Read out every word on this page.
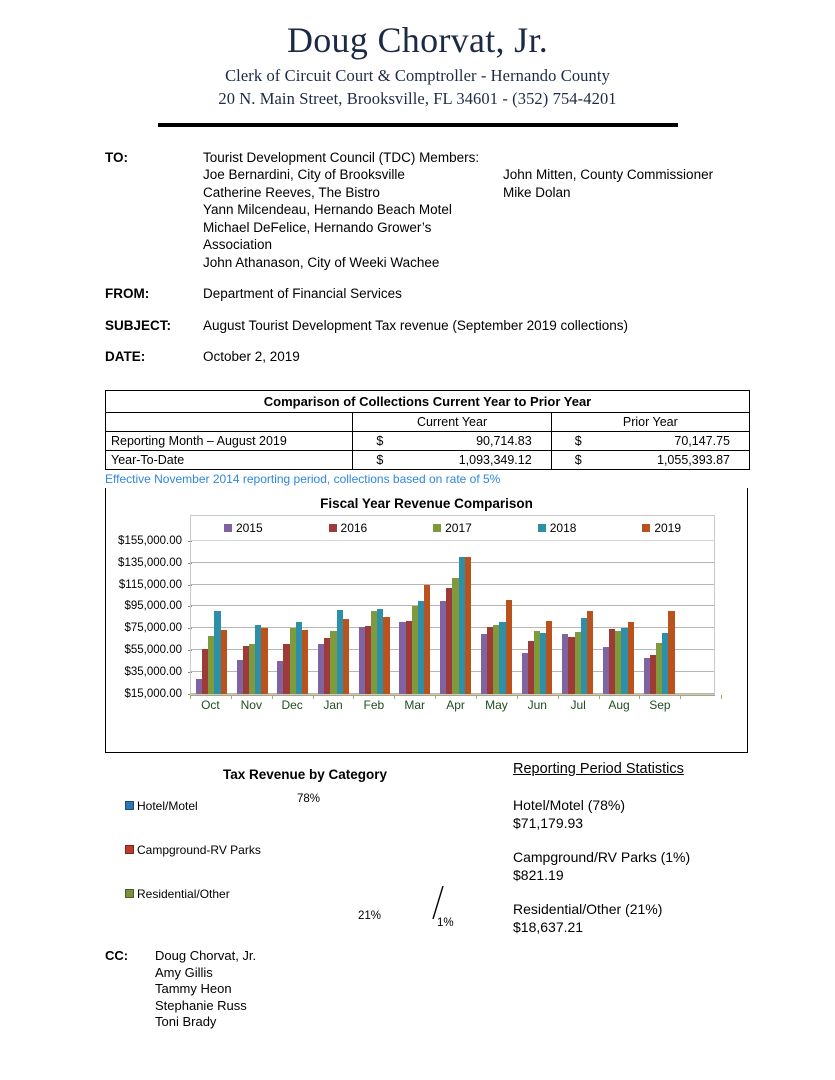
Doug Chorvat, Jr.
Clerk of Circuit Court & Comptroller - Hernando County
20 N. Main Street, Brooksville, FL 34601 - (352) 754-4201
TO:	Tourist Development Council (TDC) Members:
Joe Bernardini, City of Brooksville
Catherine Reeves, The Bistro
Yann Milcendeau, Hernando Beach Motel
Michael DeFelice, Hernando Grower’s Association
John Athanason, City of Weeki Wachee
John Mitten, County Commissioner
Mike Dolan
FROM:	Department of Financial Services
SUBJECT:	August Tourist Development Tax revenue (September 2019 collections)
DATE:	October 2, 2019
Comparison of Collections Current Year to Prior Year		
	Current Year	Prior Year
Reporting Month – August 2019	$ 90,714.83	$ 70,147.75

Year-To-Date	$ 1,093,349.12	$ 1,055,393.87
Effective November 2014 reporting period, collections based on rate of 5%
Fiscal Year Revenue Comparison
$155,000.00
$135,000.00
$115,000.00
$95,000.00
$75,000.00
$55,000.00
$35,000.00
$15,000.00
2015	2016	2017	2018	2019
Oct	Nov	Dec	Jan	Feb	Mar	Apr	May	Jun	Jul	Aug	Sep
Tax Revenue by Category
Hotel/Motel
Campground-RV Parks
Residential/Other
78%
21%
1%
Reporting Period Statistics
Hotel/Motel (78%)
$71,179.93
Campground/RV Parks (1%)
$821.19
Residential/Other (21%)
$18,637.21
CC:	Doug Chorvat, Jr.
Amy Gillis
Tammy Heon
Stephanie Russ
Toni Brady
